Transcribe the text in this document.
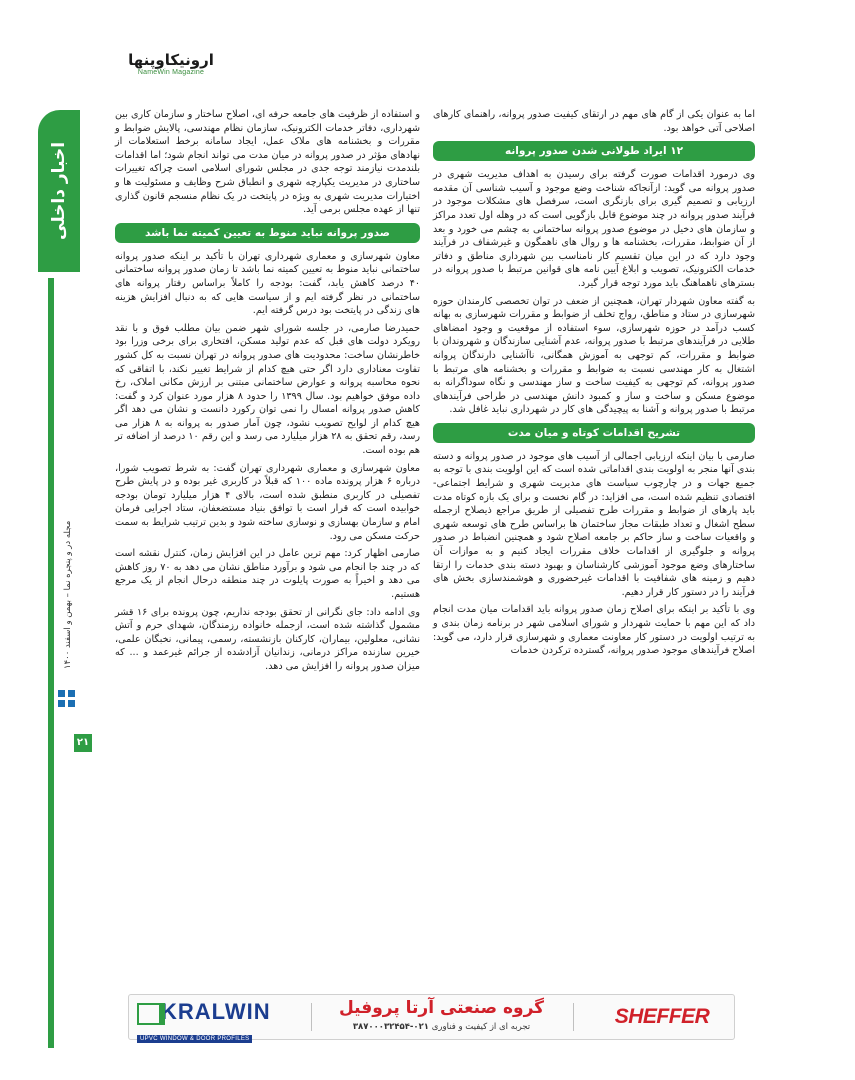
ارونیکاوپنها
NameWin Magazine
اخبار داخلی
مجله در و پنجره نما – بهمن و اسفند ۱۴۰۰
۲۱

اما به عنوان یکی از گام های مهم در ارتقای کیفیت صدور پروانه، راهنمای کارهای اصلاحی آتی خواهد بود.

۱۲ ایراد طولانی شدن صدور پروانه

وی درمورد اقدامات صورت گرفته برای رسیدن به اهداف مدیریت شهری در صدور پروانه می گوید: ازآنجاکه شناخت وضع موجود و آسیب شناسی آن مقدمه ارزیابی و تصمیم گیری برای بازنگری است، سرفصل های مشکلات موجود در فرآیند صدور پروانه در چند موضوع قابل بازگویی است که در وهله اول تعدد مراکز و سازمان های دخیل در موضوع صدور پروانه ساختمانی به چشم می خورد و بعد از آن ضوابط، مقررات، بخشنامه ها و روال های ناهمگون و غیرشفاف در فرآیند وجود دارد که در این میان تقسیم کار نامناسب بین شهرداری مناطق و دفاتر خدمات الکترونیک، تصویب و ابلاغ آیین نامه های قوانین مرتبط با صدور پروانه در بسترهای ناهماهنگ باید مورد توجه قرار گیرد.

به گفته معاون شهردار تهران، همچنین از ضعف در توان تخصصی کارمندان حوزه شهرسازی در ستاد و مناطق، رواج تخلف از ضوابط و مقررات شهرسازی به بهانه کسب درآمد در حوزه شهرسازی، سوء استفاده از موقعیت و وجود امضاهای طلایی در فرآیندهای مرتبط با صدور پروانه، عدم آشنایی سازندگان و شهروندان با ضوابط و مقررات، کم توجهی به آموزش همگانی، ناآشنایی دارندگان پروانه اشتغال به کار مهندسی نسبت به ضوابط و مقررات و بخشنامه های مرتبط با صدور پروانه، کم توجهی به کیفیت ساخت و ساز مهندسی و نگاه سوداگرانه به موضوع مسکن و ساخت و ساز و کمبود دانش مهندسی در طراحی فرآیندهای مرتبط با صدور پروانه و آشنا به پیچیدگی های کار در شهرداری نباید غافل شد.

تشریح اقدامات کوتاه و میان مدت

صارمی با بیان اینکه ارزیابی اجمالی از آسیب های موجود در صدور پروانه و دسته بندی آنها منجر به اولویت بندی اقداماتی شده است که این اولویت بندی با توجه به جمیع جهات و در چارچوب سیاست های مدیریت شهری و شرایط اجتماعی- اقتصادی تنظیم شده است، می افزاید: در گام نخست و برای یک بازه کوتاه مدت باید پارهای از ضوابط و مقررات طرح تفصیلی از طریق مراجع ذیصلاح ازجمله سطح اشغال و تعداد طبقات مجاز ساختمان ها براساس طرح های توسعه شهری و واقعیات ساخت و ساز حاکم بر جامعه اصلاح شود و همچنین انضباط در صدور پروانه و جلوگیری از اقدامات خلاف مقررات ایجاد کنیم و به موازات آن ساختارهای وضع موجود آموزشی کارشناسان و بهبود دسته بندی خدمات را ارتقا دهیم و زمینه های شفافیت با اقدامات غیرحضوری و هوشمندسازی بخش های فرآیند را در دستور کار قرار دهیم.

وی با تأکید بر اینکه برای اصلاح زمان صدور پروانه باید اقدامات میان مدت انجام داد که این مهم با حمایت شهردار و شورای اسلامی شهر در برنامه زمان بندی و به ترتیب اولویت در دستور کار معاونت معماری و شهرسازی قرار دارد، می گوید: اصلاح فرآیندهای موجود صدور پروانه، گسترده ترکردن خدمات

و استفاده از ظرفیت های جامعه حرفه ای، اصلاح ساختار و سازمان کاری بین شهرداری، دفاتر خدمات الکترونیک، سازمان نظام مهندسی، پالایش ضوابط و مقررات و بخشنامه های ملاک عمل، ایجاد سامانه برخط استعلامات از نهادهای مؤثر در صدور پروانه در میان مدت می تواند انجام شود؛ اما اقدامات بلندمدت نیازمند توجه جدی در مجلس شورای اسلامی است چراکه تغییرات ساختاری در مدیریت یکپارچه شهری و انطباق شرح وظایف و مسئولیت ها و اختیارات مدیریت شهری به ویژه در پایتخت در یک نظام منسجم قانون گذاری تنها از عهده مجلس برمی آید.

صدور پروانه نباید منوط به تعیین کمیته نما باشد

معاون شهرسازی و معماری شهرداری تهران با تأکید بر اینکه صدور پروانه ساختمانی نباید منوط به تعیین کمیته نما باشد تا زمان صدور پروانه ساختمانی ۴۰ درصد کاهش یابد، گفت: بودجه را کاملاً براساس رفتار پروانه های ساختمانی در نظر گرفته ایم و از سیاست هایی که به دنبال افزایش هزینه های زندگی در پایتخت بود درس گرفته ایم.

حمیدرضا صارمی، در جلسه شورای شهر ضمن بیان مطلب فوق و با نقد رویکرد دولت های قبل که عدم تولید مسکن، افتخاری برای برخی وزرا بود خاطرنشان ساخت: محدودیت های صدور پروانه در تهران نسبت به کل کشور تفاوت معناداری دارد اگر حتی هیچ کدام از شرایط تغییر نکند، با اتفاقی که نحوه محاسبه پروانه و عوارض ساختمانی مبتنی بر ارزش مکانی املاک، رخ داده موفق خواهیم بود. سال ۱۳۹۹ را حدود ۸ هزار مورد عنوان کرد و گفت: کاهش صدور پروانه امسال را نمی توان رکورد دانست و نشان می دهد اگر هیچ کدام از لوایح تصویب نشود، چون آمار صدور به پروانه به ۸ هزار می رسد، رقم تحقق به ۲۸ هزار میلیارد می رسد و این رقم ۱۰ درصد از اضافه تر هم بوده است.

معاون شهرسازی و معماری شهرداری تهران گفت: به شرط تصویب شورا، درباره ۶ هزار پرونده ماده ۱۰۰ که قبلاً در کاربری غیر بوده و در پایش طرح تفصیلی در کاربری منطبق شده است، بالای ۴ هزار میلیارد تومان بودجه خوابیده است که قرار است با توافق بنیاد مستضعفان، ستاد اجرایی فرمان امام و سازمان بهسازی و نوسازی ساخته شود و بدین ترتیب شرایط به سمت حرکت مسکن می رود.

صارمی اظهار کرد: مهم ترین عامل در این افزایش زمان، کنترل نقشه است که در چند جا انجام می شود و برآورد مناطق نشان می دهد به ۷۰ روز کاهش می دهد و اخیراً به صورت پایلوت در چند منطقه درحال انجام از یک مرجع هستیم.

وی ادامه داد: جای نگرانی از تحقق بودجه نداریم، چون پرونده برای ۱۶ قشر مشمول گذاشته شده است، ازجمله خانواده رزمندگان، شهدای حرم و آتش نشانی، معلولین، بیماران، کارکنان بازنشسته، رسمی، پیمانی، نخبگان علمی، خیرین سازنده مراکز درمانی، زندانیان آزادشده از جرائم غیرعمد و ... که میزان صدور پروانه را افزایش می دهد.

KRALWIN
UPVC WINDOW & DOOR PROFILES
گروه صنعتی آرتا پروفیل
تجربه ای از کیفیت و فناوری ۰۲۱-۳۸۷۰۰۰۳۲۴۵۴	SHEFFER
